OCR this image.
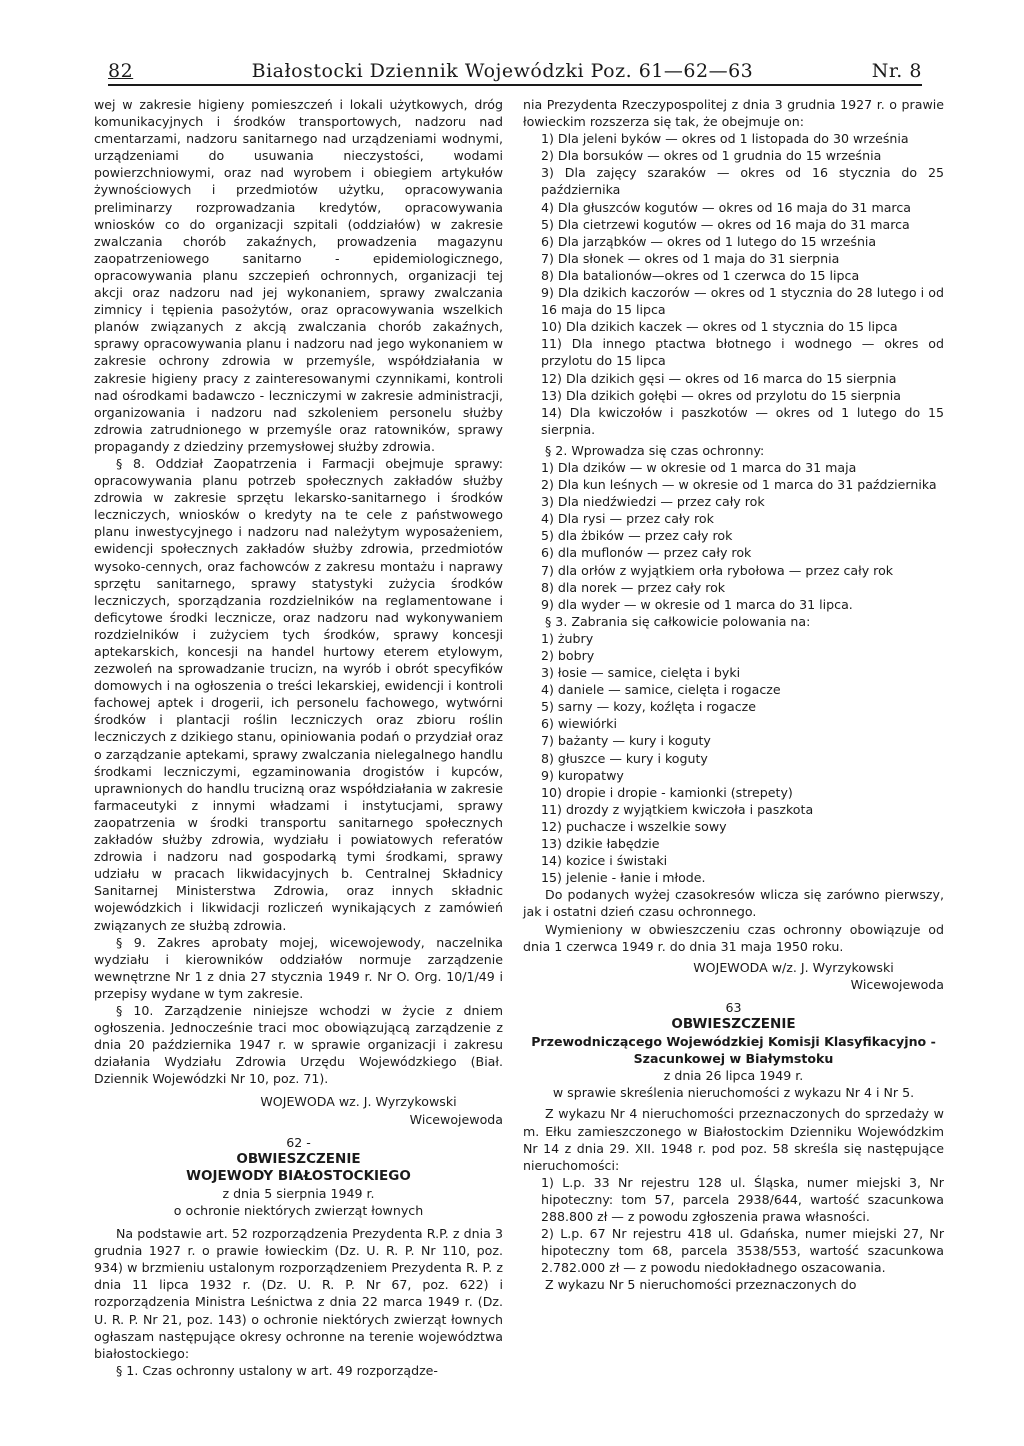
82	Białostocki Dziennik Wojewódzki Poz. 61—62—63	Nr. 8

wej w zakresie higieny pomieszczeń i lokali użytkowych, dróg komunikacyjnych i środków transportowych, nadzoru nad cmentarzami, nadzoru sanitarnego nad urządzeniami wodnymi, urządzeniami do usuwania nieczystości, wodami powierzchniowymi, oraz nad wyrobem i obiegiem artykułów żywnościowych i przedmiotów użytku, opracowywania preliminarzy rozprowadzania kredytów, opracowywania wniosków co do organizacji szpitali (oddziałów) w zakresie zwalczania chorób zakaźnych, prowadzenia magazynu zaopatrzeniowego sanitarno - epidemiologicznego, opracowywania planu szczepień ochronnych, organizacji tej akcji oraz nadzoru nad jej wykonaniem, sprawy zwalczania zimnicy i tępienia pasożytów, oraz opracowywania wszelkich planów związanych z akcją zwalczania chorób zakaźnych, sprawy opracowywania planu i nadzoru nad jego wykonaniem w zakresie ochrony zdrowia w przemyśle, współdziałania w zakresie higieny pracy z zainteresowanymi czynnikami, kontroli nad ośrodkami badawczo - leczniczymi w zakresie administracji, organizowania i nadzoru nad szkoleniem personelu służby zdrowia zatrudnionego w przemyśle oraz ratowników, sprawy propagandy z dziedziny przemysłowej służby zdrowia.

§ 8. Oddział Zaopatrzenia i Farmacji obejmuje sprawy: opracowywania planu potrzeb społecznych zakładów służby zdrowia w zakresie sprzętu lekarsko-sanitarnego i środków leczniczych, wniosków o kredyty na te cele z państwowego planu inwestycyjnego i nadzoru nad należytym wyposażeniem, ewidencji społecznych zakładów służby zdrowia, przedmiotów wysoko-cennych, oraz fachowców z zakresu montażu i naprawy sprzętu sanitarnego, sprawy statystyki zużycia środków leczniczych, sporządzania rozdzielników na reglamentowane i deficytowe środki lecznicze, oraz nadzoru nad wykonywaniem rozdzielników i zużyciem tych środków, sprawy koncesji aptekarskich, koncesji na handel hurtowy eterem etylowym, zezwoleń na sprowadzanie trucizn, na wyrób i obrót specyfików domowych i na ogłoszenia o treści lekarskiej, ewidencji i kontroli fachowej aptek i drogerii, ich personelu fachowego, wytwórni środków i plantacji roślin leczniczych oraz zbioru roślin leczniczych z dzikiego stanu, opiniowania podań o przydział oraz o zarządzanie aptekami, sprawy zwalczania nielegalnego handlu środkami leczniczymi, egzaminowania drogistów i kupców, uprawnionych do handlu trucizną oraz współdziałania w zakresie farmaceutyki z innymi władzami i instytucjami, sprawy zaopatrzenia w środki transportu sanitarnego społecznych zakładów służby zdrowia, wydziału i powiatowych referatów zdrowia i nadzoru nad gospodarką tymi środkami, sprawy udziału w pracach likwidacyjnych b. Centralnej Składnicy Sanitarnej Ministerstwa Zdrowia, oraz innych składnic wojewódzkich i likwidacji rozliczeń wynikających z zamówień związanych ze służbą zdrowia.

§ 9. Zakres aprobaty mojej, wicewojewody, naczelnika wydziału i kierowników oddziałów normuje zarządzenie wewnętrzne Nr 1 z dnia 27 stycznia 1949 r. Nr O. Org. 10/1/49 i przepisy wydane w tym zakresie.

§ 10. Zarządzenie niniejsze wchodzi w życie z dniem ogłoszenia. Jednocześnie traci moc obowiązującą zarządzenie z dnia 20 października 1947 r. w sprawie organizacji i zakresu działania Wydziału Zdrowia Urzędu Wojewódzkiego (Biał. Dziennik Wojewódzki Nr 10, poz. 71).

WOJEWODA wz. J. Wyrzykowski

Wicewojewoda

62 -

OBWIESZCZENIE

WOJEWODY BIAŁOSTOCKIEGO

z dnia 5 sierpnia 1949 r.

o ochronie niektórych zwierząt łownych

Na podstawie art. 52 rozporządzenia Prezydenta R.P. z dnia 3 grudnia 1927 r. o prawie łowieckim (Dz. U. R. P. Nr 110, poz. 934) w brzmieniu ustalonym rozporządzeniem Prezydenta R. P. z dnia 11 lipca 1932 r. (Dz. U. R. P. Nr 67, poz. 622) i rozporządzenia Ministra Leśnictwa z dnia 22 marca 1949 r. (Dz. U. R. P. Nr 21, poz. 143) o ochronie niektórych zwierząt łownych ogłaszam następujące okresy ochronne na terenie województwa białostockiego:

§ 1. Czas ochronny ustalony w art. 49 rozporządze-

nia Prezydenta Rzeczypospolitej z dnia 3 grudnia 1927 r. o prawie łowieckim rozszerza się tak, że obejmuje on:

1) Dla jeleni byków — okres od 1 listopada do 30 września

2) Dla borsuków — okres od 1 grudnia do 15 września

3) Dla zajęcy szaraków — okres od 16 stycznia do 25 października

4) Dla głuszców kogutów — okres od 16 maja do 31 marca

5) Dla cietrzewi kogutów — okres od 16 maja do 31 marca

6) Dla jarząbków — okres od 1 lutego do 15 września

7) Dla słonek — okres od 1 maja do 31 sierpnia

8) Dla batalionów—okres od 1 czerwca do 15 lipca

9) Dla dzikich kaczorów — okres od 1 stycznia do 28 lutego i od 16 maja do 15 lipca

10) Dla dzikich kaczek — okres od 1 stycznia do 15 lipca

11) Dla innego ptactwa błotnego i wodnego — okres od przylotu do 15 lipca

12) Dla dzikich gęsi — okres od 16 marca do 15 sierpnia

13) Dla dzikich gołębi — okres od przylotu do 15 sierpnia

14) Dla kwiczołów i paszkotów — okres od 1 lutego do 15 sierpnia.

§ 2. Wprowadza się czas ochronny:

1) Dla dzików — w okresie od 1 marca do 31 maja

2) Dla kun leśnych — w okresie od 1 marca do 31 października

3) Dla niedźwiedzi — przez cały rok

4) Dla rysi — przez cały rok

5) dla żbików — przez cały rok

6) dla muflonów — przez cały rok

7) dla orłów z wyjątkiem orła rybołowa — przez cały rok

8) dla norek — przez cały rok

9) dla wyder — w okresie od 1 marca do 31 lipca.

§ 3. Zabrania się całkowicie polowania na:

1) żubry

2) bobry

3) łosie — samice, cielęta i byki

4) daniele — samice, cielęta i rogacze

5) sarny — kozy, koźlęta i rogacze

6) wiewiórki

7) bażanty — kury i koguty

8) głuszce — kury i koguty

9) kuropatwy

10) dropie i dropie - kamionki (strepety)

11) drozdy z wyjątkiem kwiczoła i paszkota

12) puchacze i wszelkie sowy

13) dzikie łabędzie

14) kozice i świstaki

15) jelenie - łanie i młode.

Do podanych wyżej czasokresów wlicza się zarówno pierwszy, jak i ostatni dzień czasu ochronnego.

Wymieniony w obwieszczeniu czas ochronny obowiązuje od dnia 1 czerwca 1949 r. do dnia 31 maja 1950 roku.

WOJEWODA w/z. J. Wyrzykowski

Wicewojewoda

63

OBWIESZCZENIE

Przewodniczącego Wojewódzkiej Komisji Klasyfikacyjno - Szacunkowej w Białymstoku

z dnia 26 lipca 1949 r.

w sprawie skreślenia nieruchomości z wykazu Nr 4 i Nr 5.

Z wykazu Nr 4 nieruchomości przeznaczonych do sprzedaży w m. Ełku zamieszczonego w Białostockim Dzienniku Wojewódzkim Nr 14 z dnia 29. XII. 1948 r. pod poz. 58 skreśla się następujące nieruchomości:

1) L.p. 33 Nr rejestru 128 ul. Śląska, numer miejski 3, Nr hipoteczny: tom 57, parcela 2938/644, wartość szacunkowa 288.800 zł — z powodu zgłoszenia prawa własności.

2) L.p. 67 Nr rejestru 418 ul. Gdańska, numer miejski 27, Nr hipoteczny tom 68, parcela 3538/553, wartość szacunkowa 2.782.000 zł — z powodu niedokładnego oszacowania.

Z wykazu Nr 5 nieruchomości przeznaczonych do
